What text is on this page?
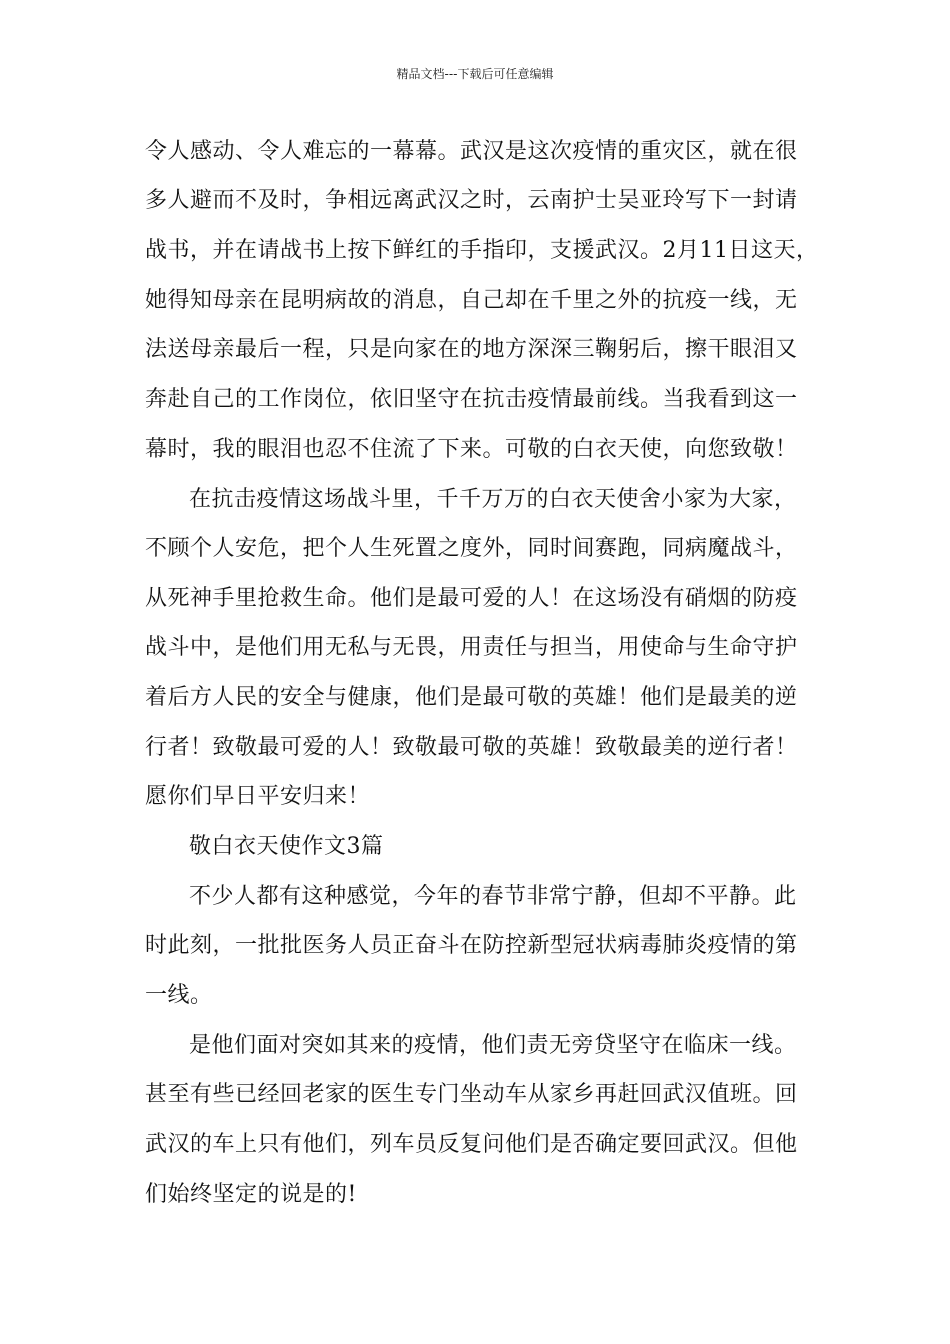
精品文档---下载后可任意编辑
令人感动、令人难忘的一幕幕。武汉是这次疫情的重灾区，就在很
多人避而不及时，争相远离武汉之时，云南护士吴亚玲写下一封请
战书，并在请战书上按下鲜红的手指印，支援武汉。2月11日这天，
她得知母亲在昆明病故的消息，自己却在千里之外的抗疫一线，无
法送母亲最后一程，只是向家在的地方深深三鞠躬后，擦干眼泪又
奔赴自己的工作岗位，依旧坚守在抗击疫情最前线。当我看到这一
幕时，我的眼泪也忍不住流了下来。可敬的白衣天使，向您致敬！
在抗击疫情这场战斗里，千千万万的白衣天使舍小家为大家，
不顾个人安危，把个人生死置之度外，同时间赛跑，同病魔战斗，
从死神手里抢救生命。他们是最可爱的人！在这场没有硝烟的防疫
战斗中，是他们用无私与无畏，用责任与担当，用使命与生命守护
着后方人民的安全与健康，他们是最可敬的英雄！他们是最美的逆
行者！致敬最可爱的人！致敬最可敬的英雄！致敬最美的逆行者！
愿你们早日平安归来！
敬白衣天使作文3篇
不少人都有这种感觉，今年的春节非常宁静，但却不平静。此
时此刻，一批批医务人员正奋斗在防控新型冠状病毒肺炎疫情的第
一线。
是他们面对突如其来的疫情，他们责无旁贷坚守在临床一线。
甚至有些已经回老家的医生专门坐动车从家乡再赶回武汉值班。回
武汉的车上只有他们，列车员反复问他们是否确定要回武汉。但他
们始终坚定的说是的!
